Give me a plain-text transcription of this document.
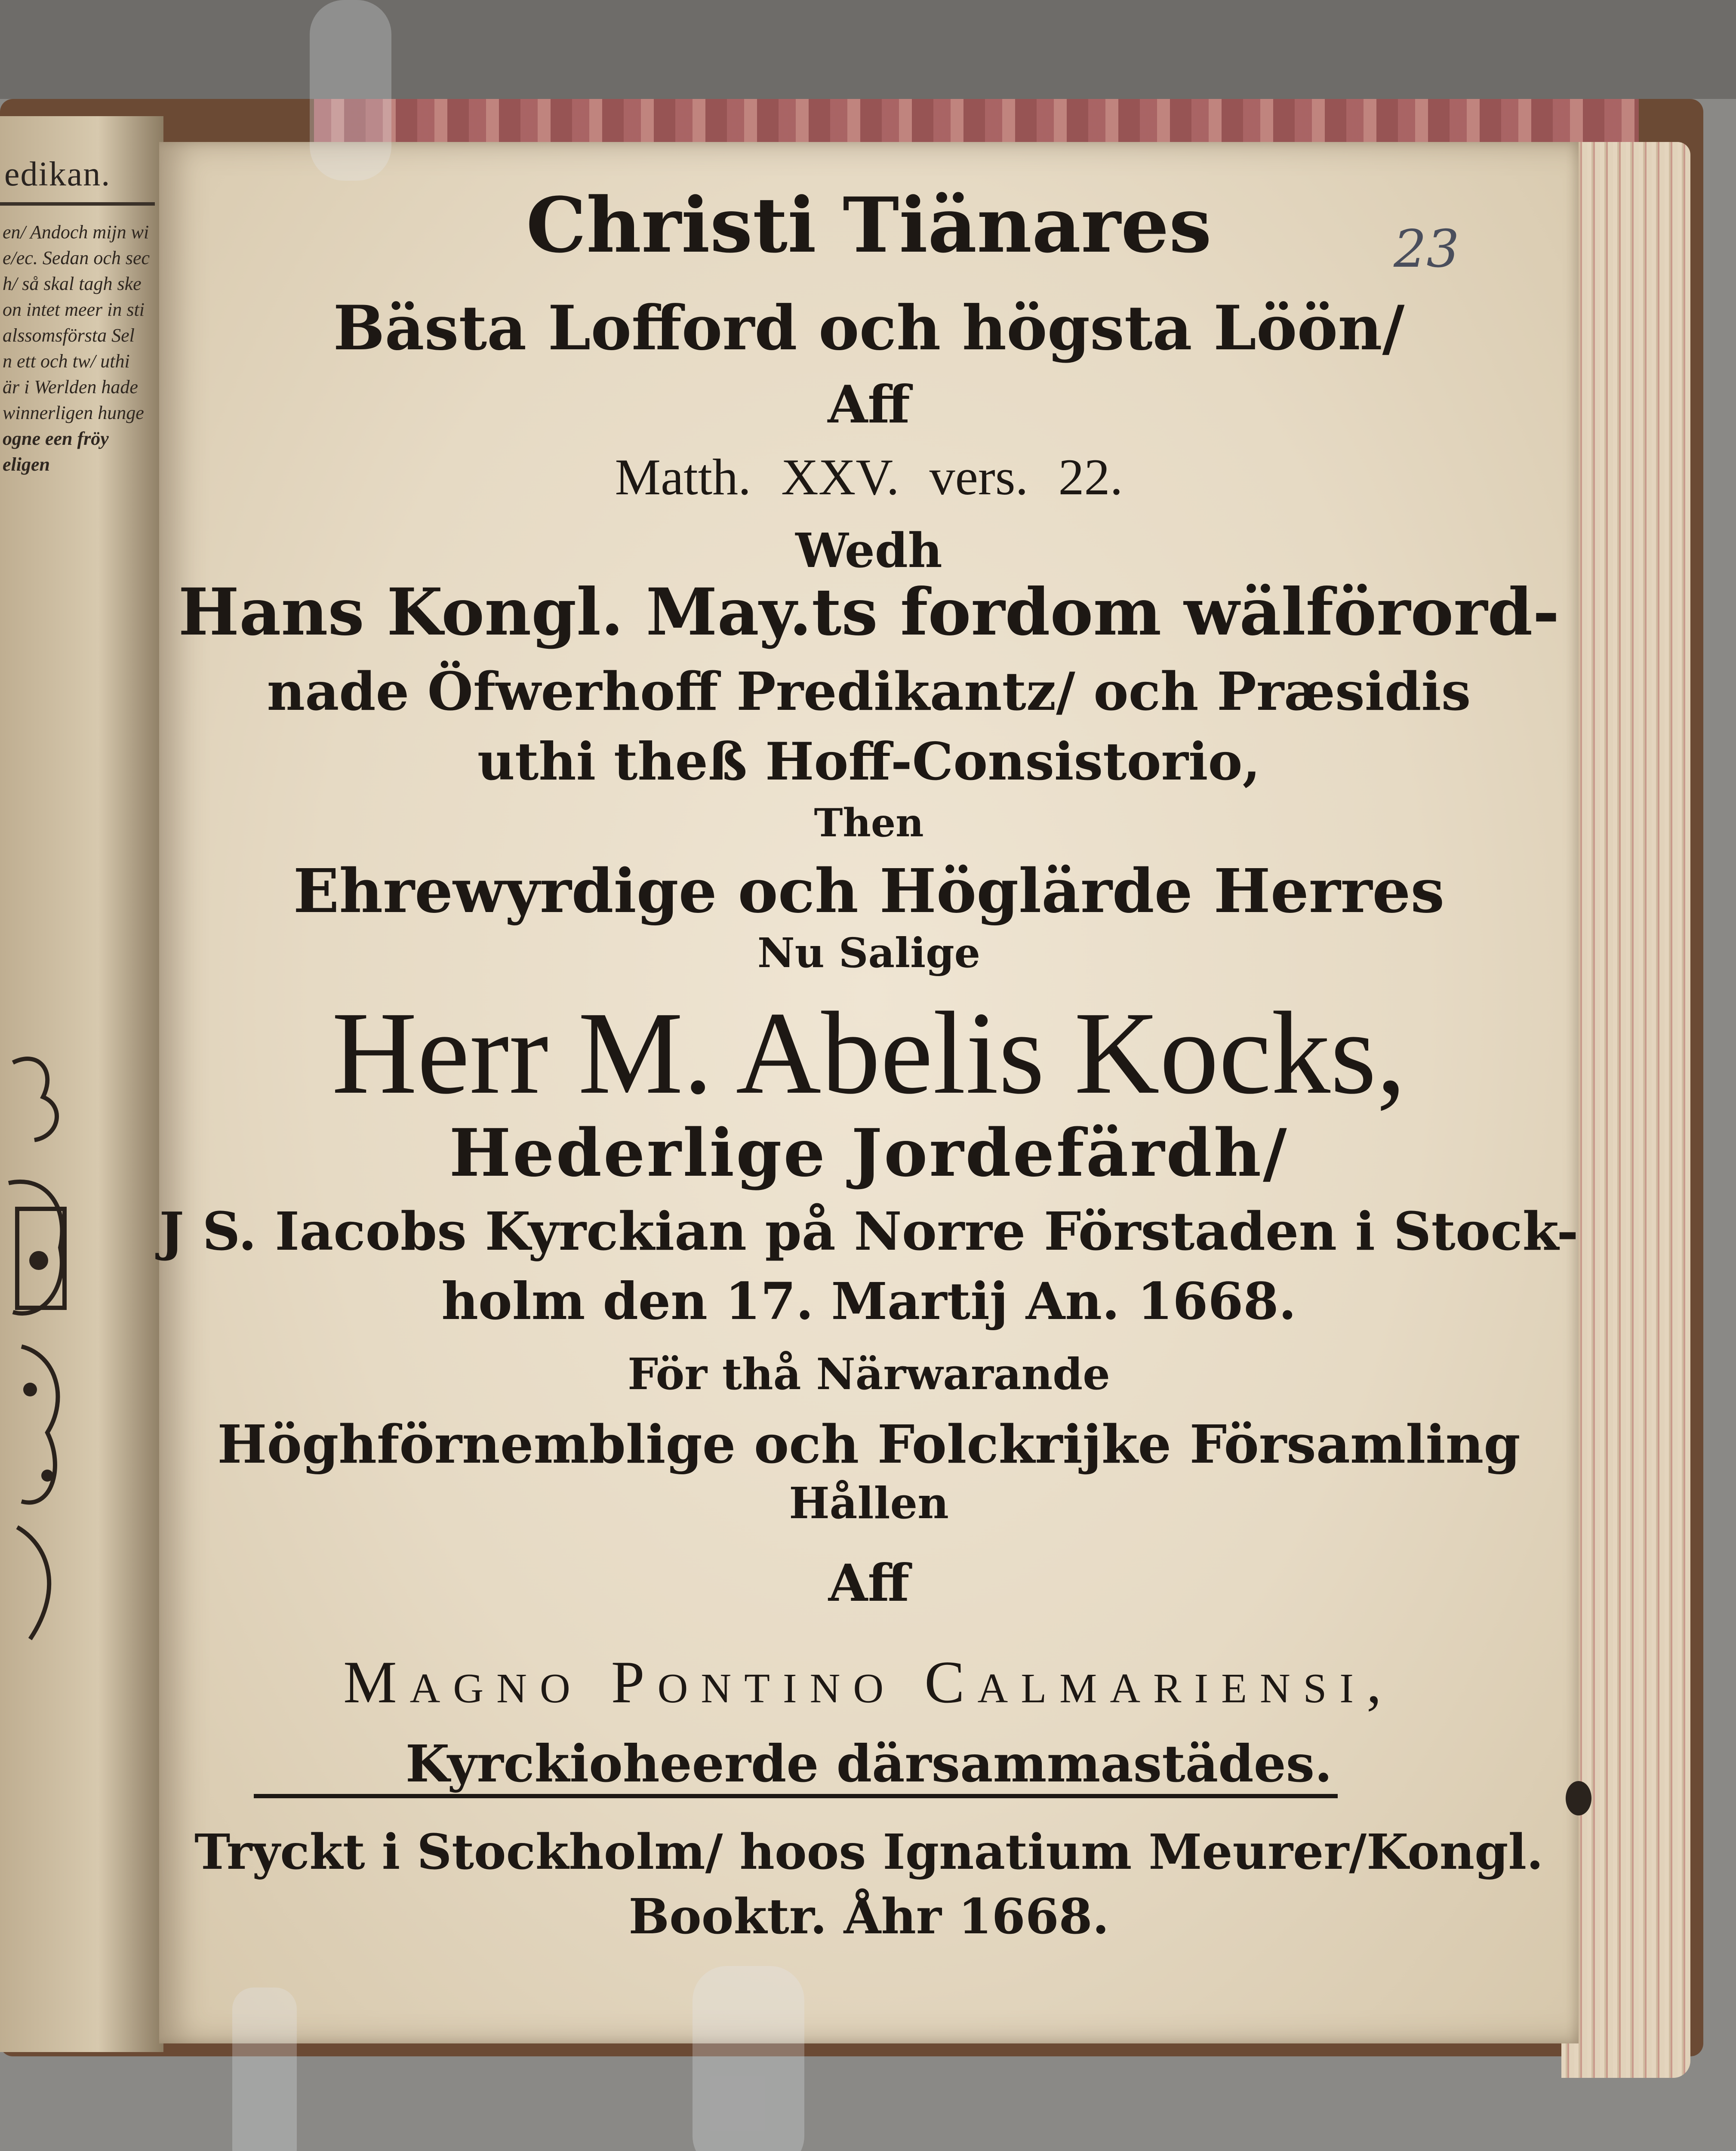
edikan.
en/ Andoch mijn wi
e/ec. Sedan och sec
h/ så skal tagh ske
on intet meer in sti
alssomsförsta Sel
n ett och tw/ uthi
är i Werlden hade
winnerligen hunge
ogne een fröy
eligen
23
Christi Tiänares
Bästa Lofford och högsta Löön/
Aff
Matth. XXV. vers. 22.
Wedh
Hans Kongl. May.ts fordom wälförord-
nade Öfwerhoff Predikantz/ och Præsidis
uthi theß Hoff-Consistorio,
Then
Ehrewyrdige och Höglärde Herres
Nu Salige
Herr M. Abelis Kocks,
Hederlige Jordefärdh/
J S. Iacobs Kyrckian på Norre Förstaden i Stock-
holm den 17. Martij An. 1668.
För thå Närwarande
Höghförnemblige och Folckrijke Församling
Hållen
Aff
Magno Pontino Calmariensi,
Kyrckioheerde därsammastädes.
Tryckt i Stockholm/ hoos Ignatium Meurer/Kongl.
Booktr. Åhr 1668.
